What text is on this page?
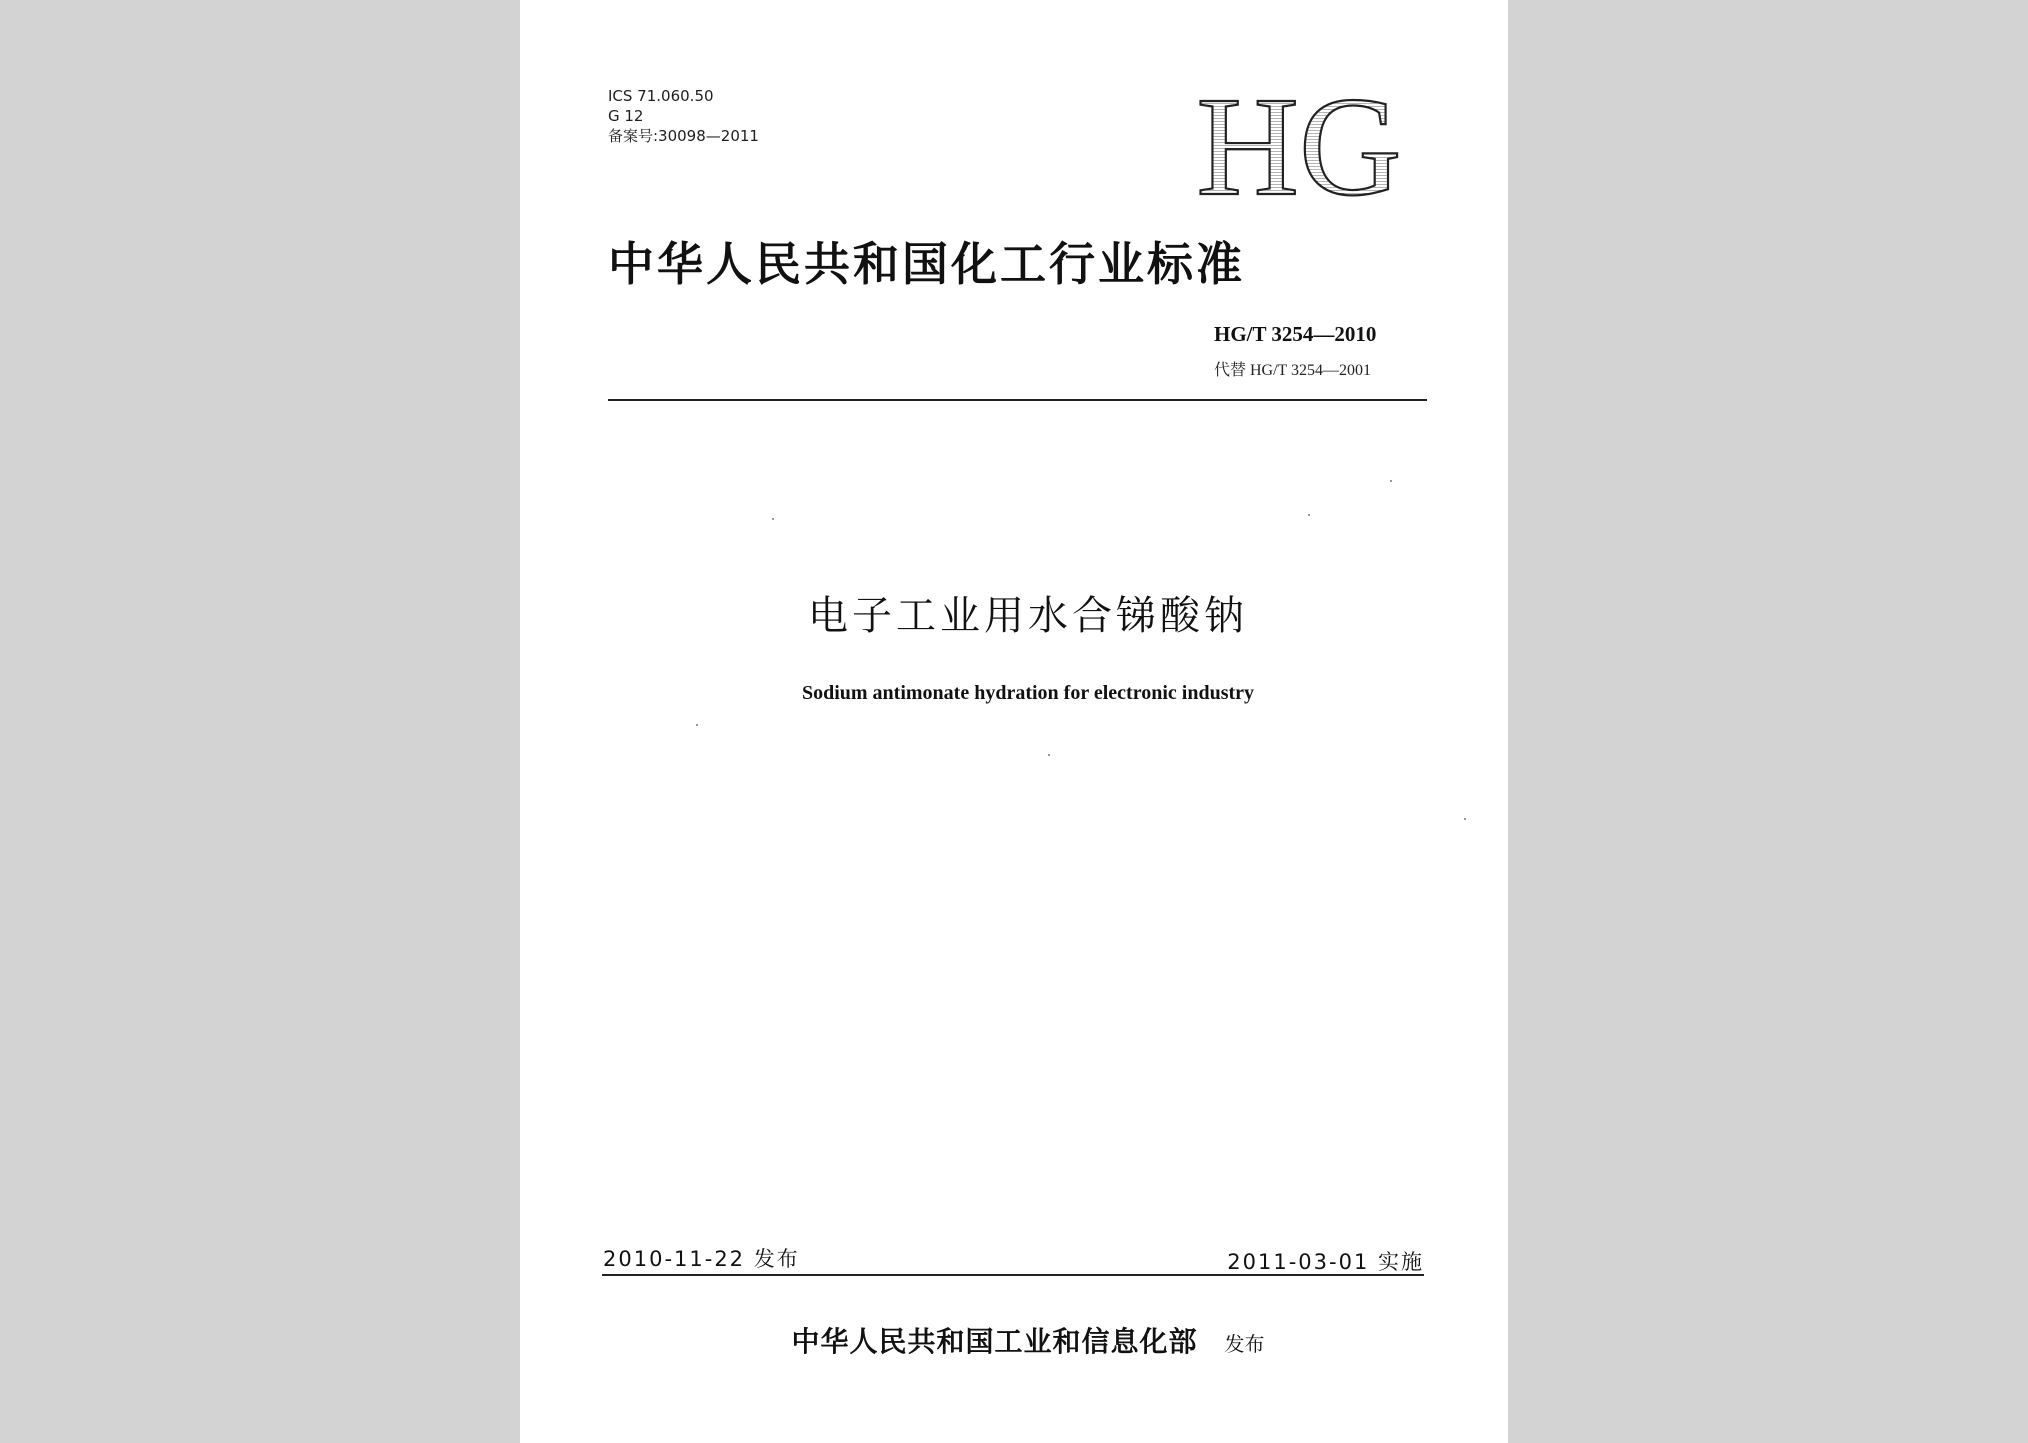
ICS 71.060.50
G 12
备案号:30098—2011	HG
中华人民共和国化工行业标准
HG/T 3254—2010
代替 HG/T 3254—2001
电子工业用水合锑酸钠
Sodium antimonate hydration for electronic industry
2010-11-22 发布	2011-03-01 实施
中华人民共和国工业和信息化部 发布
